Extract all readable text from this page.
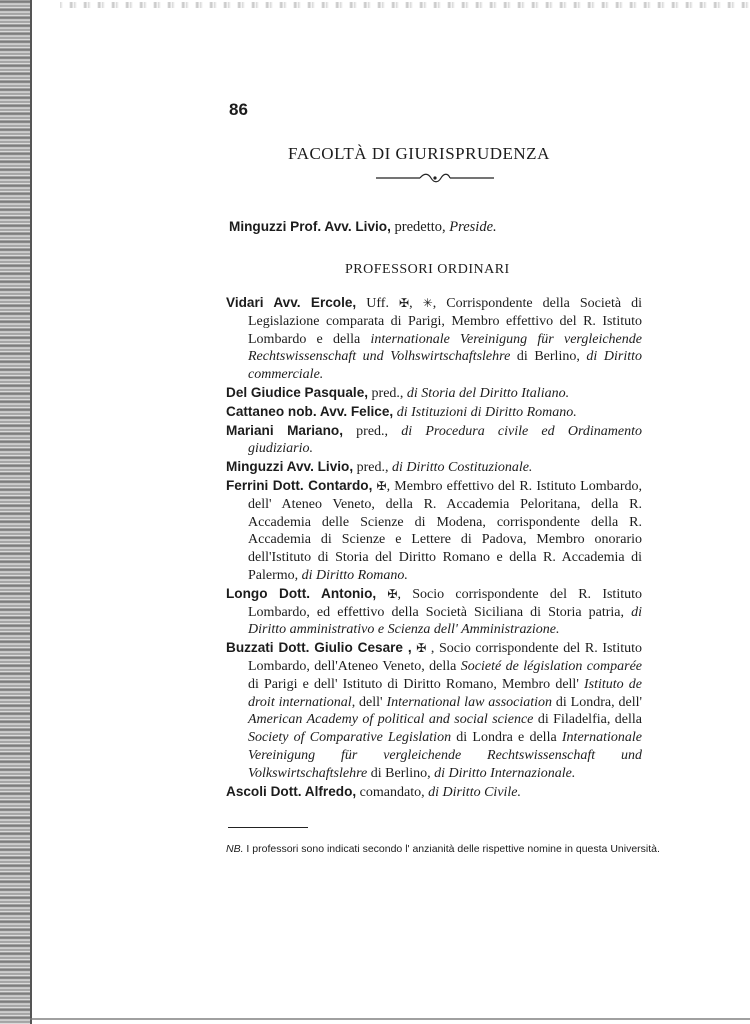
86
FACOLTÀ DI GIURISPRUDENZA
Minguzzi Prof. Avv. Livio, predetto, Preside.
PROFESSORI ORDINARI

Vidari Avv. Ercole, Uff. ✠, ✳, Corrispondente della Società di Legislazione comparata di Parigi, Membro effettivo del R. Istituto Lombardo e della internationale Vereinigung für vergleichende Rechtswissenschaft und Volhswirtschaftslehre di Berlino, di Diritto commerciale.

Del Giudice Pasquale, pred., di Storia del Diritto Italiano.

Cattaneo nob. Avv. Felice, di Istituzioni di Diritto Romano.

Mariani Mariano, pred., di Procedura civile ed Ordinamento giudiziario.

Minguzzi Avv. Livio, pred., di Diritto Costituzionale.

Ferrini Dott. Contardo, ✠, Membro effettivo del R. Istituto Lombardo, dell' Ateneo Veneto, della R. Accademia Peloritana, della R. Accademia delle Scienze di Modena, corrispondente della R. Accademia di Scienze e Lettere di Padova, Membro onorario dell'Istituto di Storia del Diritto Romano e della R. Accademia di Palermo, di Diritto Romano.

Longo Dott. Antonio, ✠, Socio corrispondente del R. Istituto Lombardo, ed effettivo della Società Siciliana di Storia patria, di Diritto amministrativo e Scienza dell' Amministrazione.

Buzzati Dott. Giulio Cesare , ✠ , Socio corrispondente del R. Istituto Lombardo, dell'Ateneo Veneto, della Societé de législation comparée di Parigi e dell' Istituto di Diritto Romano, Membro dell' Istituto de droit international, dell' International law association di Londra, dell' American Academy of political and social science di Filadelfia, della Society of Comparative Legislation di Londra e della Internationale Vereinigung für vergleichende Rechtswissenschaft und Volkswirtschaftslehre di Berlino, di Diritto Internazionale.

Ascoli Dott. Alfredo, comandato, di Diritto Civile.

NB. I professori sono indicati secondo l' anzianità delle rispettive nomine in questa Università.
